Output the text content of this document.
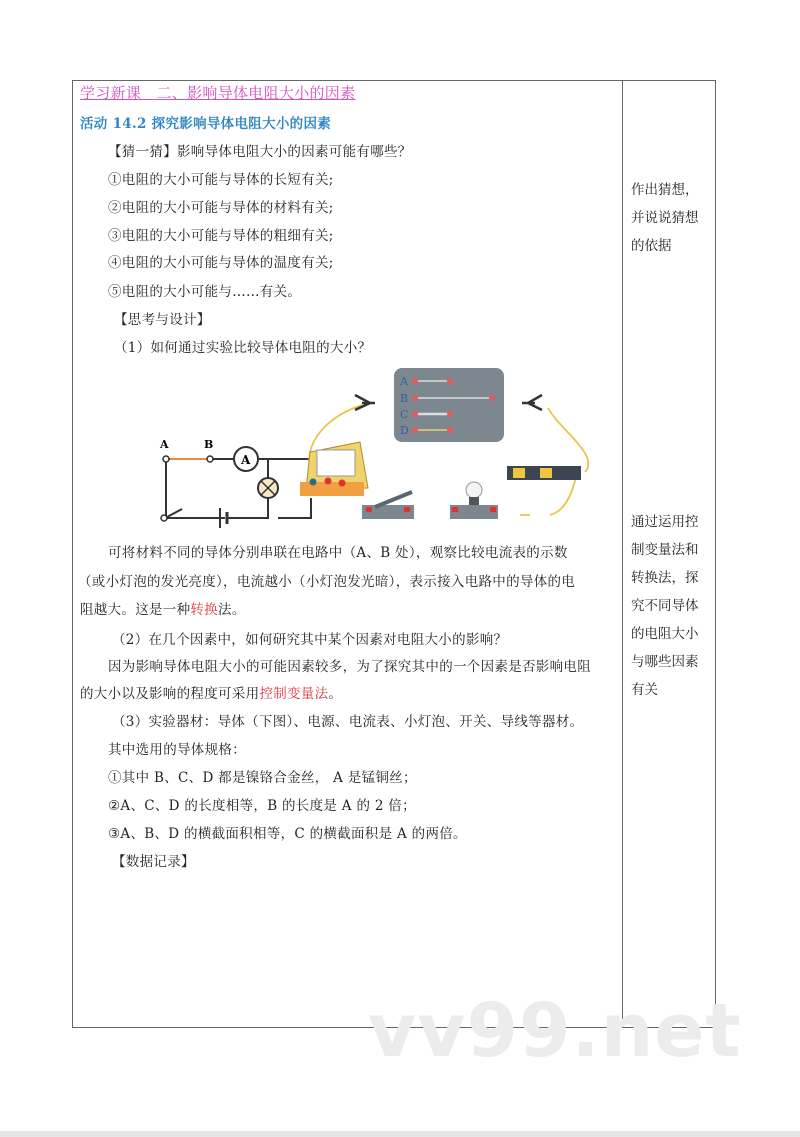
学习新课　二、影响导体电阻大小的因素
活动 14.2 探究影响导体电阻大小的因素
【猜一猜】影响导体电阻大小的因素可能有哪些？
①电阻的大小可能与导体的长短有关;
②电阻的大小可能与导体的材料有关;
③电阻的大小可能与导体的粗细有关;
④电阻的大小可能与导体的温度有关;
⑤电阻的大小可能与……有关。
【思考与设计】
（1）如何通过实验比较导体电阻的大小？
A	B
A
A
B
C
D
可将材料不同的导体分别串联在电路中（A、B 处），观察比较电流表的示数
（或小灯泡的发光亮度），电流越小（小灯泡发光暗），表示接入电路中的导体的电
阻越大。这是一种转换法。
（2）在几个因素中，如何研究其中某个因素对电阻大小的影响？
因为影响导体电阻大小的可能因素较多，为了探究其中的一个因素是否影响电阻
的大小以及影响的程度可采用控制变量法。
（3）实验器材：导体（下图）、电源、电流表、小灯泡、开关、导线等器材。
其中选用的导体规格：
①其中 B、C、D 都是镍铬合金丝， A 是锰铜丝；
②A、C、D 的长度相等，B 的长度是 A 的 2 倍；
③A、B、D 的横截面积相等，C 的横截面积是 A 的两倍。
【数据记录】
作出猜想，
并说说猜想
的依据
通过运用控
制变量法和
转换法，探
究不同导体
的电阻大小
与哪些因素
有关
vv99.net
